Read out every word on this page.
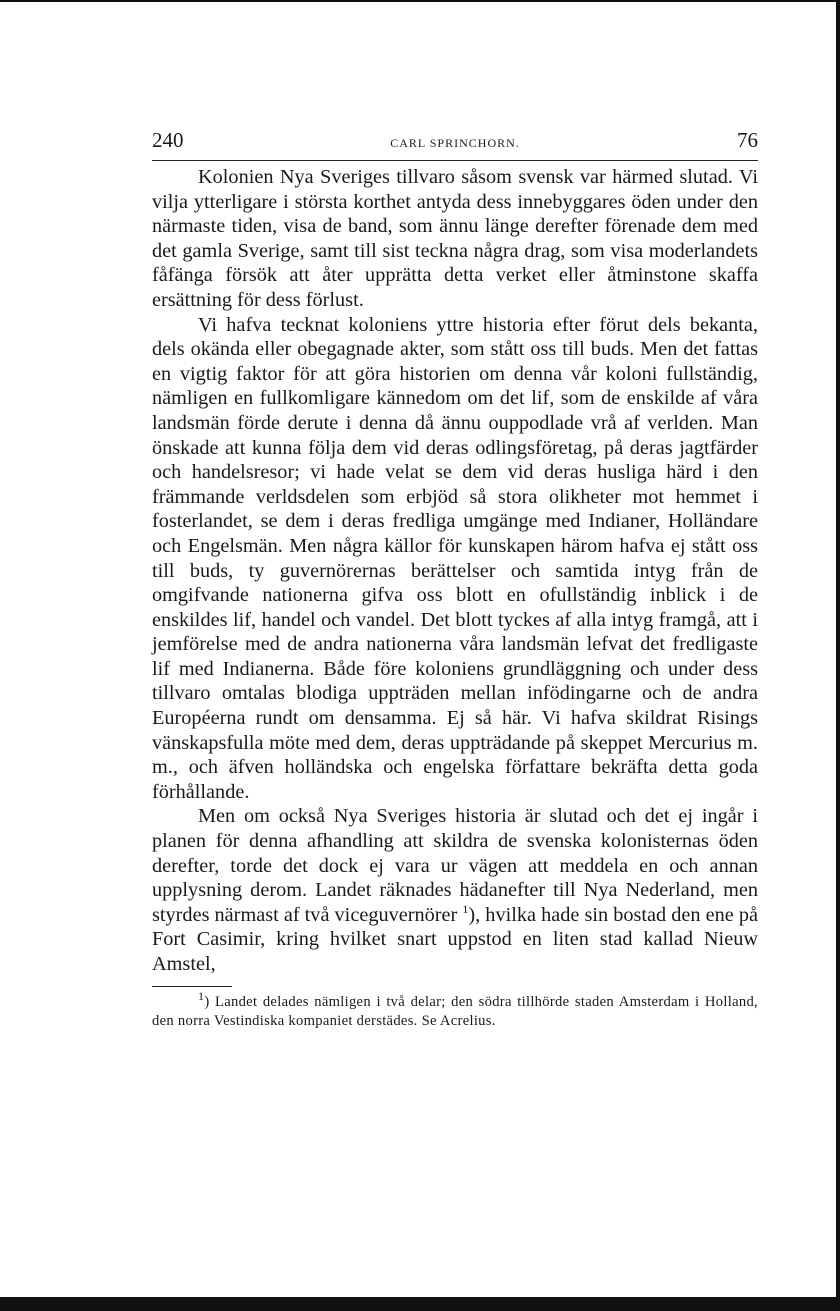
240	CARL SPRINCHORN.	76

Kolonien Nya Sveriges tillvaro såsom svensk var härmed slutad. Vi vilja ytterligare i största korthet antyda dess innebyggares öden under den närmaste tiden, visa de band, som ännu länge derefter förenade dem med det gamla Sverige, samt till sist teckna några drag, som visa moderlandets fåfänga försök att åter upprätta detta verket eller åtminstone skaffa ersättning för dess förlust.

Vi hafva tecknat koloniens yttre historia efter förut dels bekanta, dels okända eller obegagnade akter, som stått oss till buds. Men det fattas en vigtig faktor för att göra historien om denna vår koloni fullständig, nämligen en fullkomligare kännedom om det lif, som de enskilde af våra landsmän förde derute i denna då ännu ouppodlade vrå af verlden. Man önskade att kunna följa dem vid deras odlingsföretag, på deras jagtfärder och handelsresor; vi hade velat se dem vid deras husliga härd i den främmande verldsdelen som erbjöd så stora olikheter mot hemmet i fosterlandet, se dem i deras fredliga umgänge med Indianer, Holländare och Engelsmän. Men några källor för kunskapen härom hafva ej stått oss till buds, ty guvernörernas berättelser och samtida intyg från de omgifvande nationerna gifva oss blott en ofullständig inblick i de enskildes lif, handel och vandel. Det blott tyckes af alla intyg framgå, att i jemförelse med de andra nationerna våra landsmän lefvat det fredligaste lif med Indianerna. Både före koloniens grundläggning och under dess tillvaro omtalas blodiga uppträden mellan infödingarne och de andra Européerna rundt om densamma. Ej så här. Vi hafva skildrat Risings vänskapsfulla möte med dem, deras uppträdande på skeppet Mercurius m. m., och äfven holländska och engelska författare bekräfta detta goda förhållande.

Men om också Nya Sveriges historia är slutad och det ej ingår i planen för denna afhandling att skildra de svenska kolonisternas öden derefter, torde det dock ej vara ur vägen att meddela en och annan upplysning derom. Landet räknades hädanefter till Nya Nederland, men styrdes närmast af två viceguvernörer $^1$), hvilka hade sin bostad den ene på Fort Casimir, kring hvilket snart uppstod en liten stad kallad Nieuw Amstel,

$^1$) Landet delades nämligen i två delar; den södra tillhörde staden Amsterdam i Holland, den norra Vestindiska kompaniet derstädes. Se Acrelius.
